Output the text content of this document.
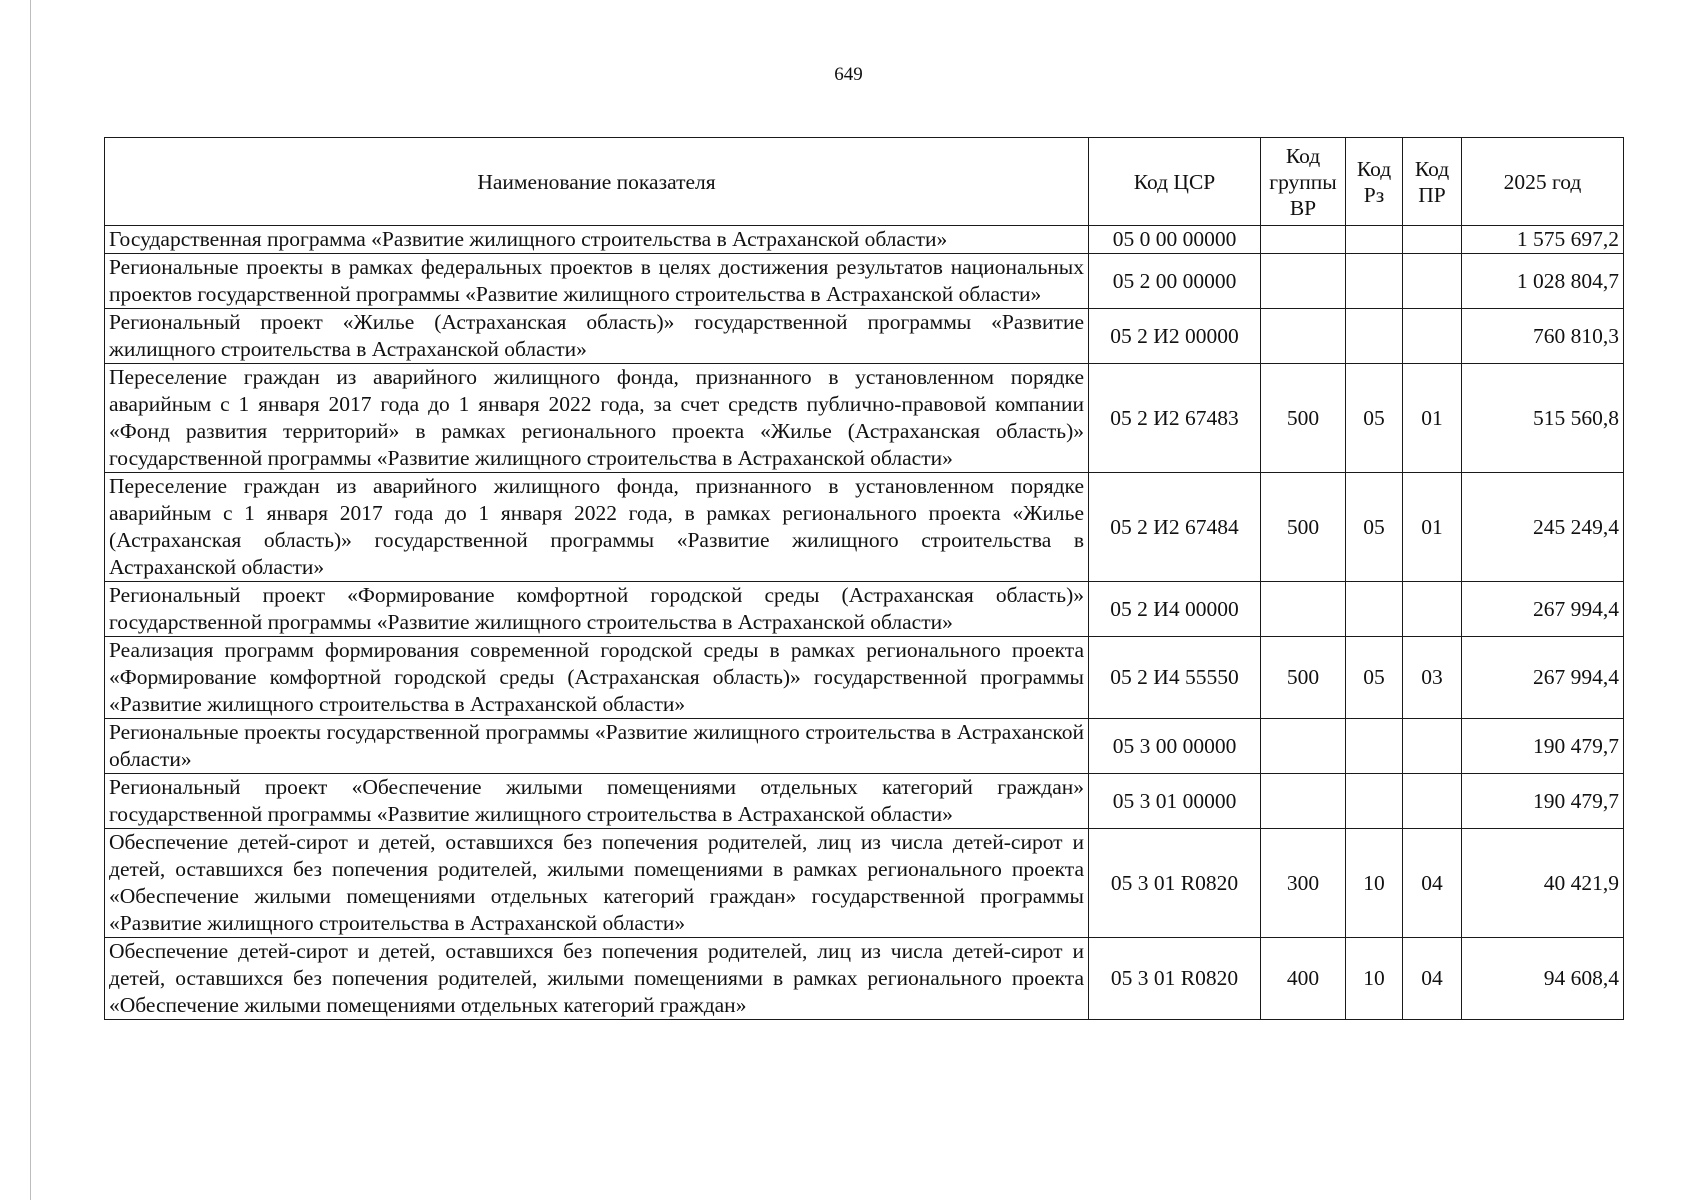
649
Наименование показателя	Код ЦСР	Код группы ВР	Код Рз	Код ПР	2025 год
Государственная программа «Развитие жилищного строительства в Астраханской области»	05 0 00 00000				1 575 697,2
Региональные проекты в рамках федеральных проектов в целях достижения результатов национальных проектов государственной программы «Развитие жилищного строительства в Астраханской области»	05 2 00 00000				1 028 804,7
Региональный проект «Жилье (Астраханская область)» государственной программы «Развитие жилищного строительства в Астраханской области»	05 2 И2 00000				760 810,3
Переселение граждан из аварийного жилищного фонда, признанного в установленном порядке аварийным с 1 января 2017 года до 1 января 2022 года, за счет средств публично-правовой компании «Фонд развития территорий» в рамках регионального проекта «Жилье (Астраханская область)» государственной программы «Развитие жилищного строительства в Астраханской области»	05 2 И2 67483	500	05	01	515 560,8
Переселение граждан из аварийного жилищного фонда, признанного в установленном порядке аварийным с 1 января 2017 года до 1 января 2022 года, в рамках регионального проекта «Жилье (Астраханская область)» государственной программы «Развитие жилищного строительства в Астраханской области»	05 2 И2 67484	500	05	01	245 249,4
Региональный проект «Формирование комфортной городской среды (Астраханская область)» государственной программы «Развитие жилищного строительства в Астраханской области»	05 2 И4 00000				267 994,4
Реализация программ формирования современной городской среды в рамках регионального проекта «Формирование комфортной городской среды (Астраханская область)» государственной программы «Развитие жилищного строительства в Астраханской области»	05 2 И4 55550	500	05	03	267 994,4
Региональные проекты государственной программы «Развитие жилищного строительства в Астраханской области»	05 3 00 00000				190 479,7
Региональный проект «Обеспечение жилыми помещениями отдельных категорий граждан» государственной программы «Развитие жилищного строительства в Астраханской области»	05 3 01 00000				190 479,7
Обеспечение детей-сирот и детей, оставшихся без попечения родителей, лиц из числа детей-сирот и детей, оставшихся без попечения родителей, жилыми помещениями в рамках регионального проекта «Обеспечение жилыми помещениями отдельных категорий граждан» государственной программы «Развитие жилищного строительства в Астраханской области»	05 3 01 R0820	300	10	04	40 421,9
Обеспечение детей-сирот и детей, оставшихся без попечения родителей, лиц из числа детей-сирот и детей, оставшихся без попечения родителей, жилыми помещениями в рамках регионального проекта «Обеспечение жилыми помещениями отдельных категорий граждан»	05 3 01 R0820	400	10	04	94 608,4
